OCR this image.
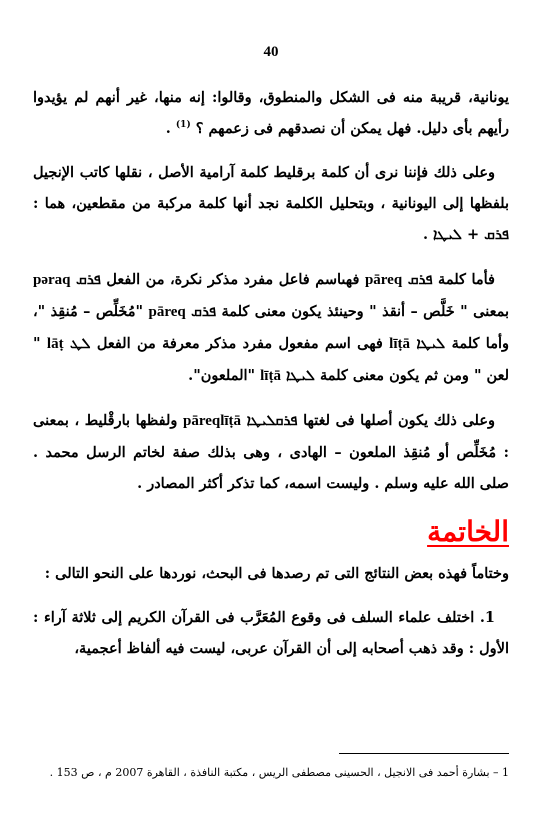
40

يونانية، قريبة منه فى الشكل والمنطوق، وقالوا: إنه منها، غير أنهم لم يؤيدوا رأيهم بأى دليل. فهل يمكن أن نصدقهم فى زعمهم ؟ $^{(1)}$ .

وعلى ذلك فإننا نرى أن كلمة برقليط كلمة آرامية الأصل ، نقلها كاتب الإنجيل بلفظها إلى اليونانية ، وبتحليل الكلمة نجد أنها كلمة مركبة من مقطعين، هما : ܦܪܩ + ܠܝܛܐ .

فأما كلمة ܦܪܩ pāreq فهىاسم فاعل مفرد مذكر نكرة، من الفعل ܦܪܩ pəraq بمعنى " خَلَّص – أنقذ " وحينئذ يكون معنى كلمة ܦܪܩ pāreq "مُخَلِّص – مُنقِذ "، وأما كلمة ܠܝܛܐ līṭā فهى اسم مفعول مفرد مذكر معرفة من الفعل ܠܛ lāṭ " لعن " ومن ثم يكون معنى كلمة ܠܝܛܐ līṭā "الملعون".

وعلى ذلك يكون أصلها فى لغتها ܦܪܩܠܝܛܐ pāreqlīṭā ولفظها بارقْليط ، بمعنى : مُخَلِّص أو مُنقِذ الملعون – الهادى ، وهى بذلك صفة لخاتم الرسل محمد . صلى الله عليه وسلم . وليست اسمه، كما تذكر أكثر المصادر .

الخاتمة

وختاماً فهذه بعض النتائج التى تم رصدها فى البحث، نوردها على النحو التالى :

1. اختلف علماء السلف فى وقوع المُعَرَّب فى القرآن الكريم إلى ثلاثة آراء : الأول : وقد ذهب أصحابه إلى أن القرآن عربى، ليست فيه ألفاظ أعجمية،

1 – بشارة أحمد فى الانجيل ، الحسينى مصطفى الريس ، مكتبة النافذة ، القاهرة 2007 م ، ص 153 .
